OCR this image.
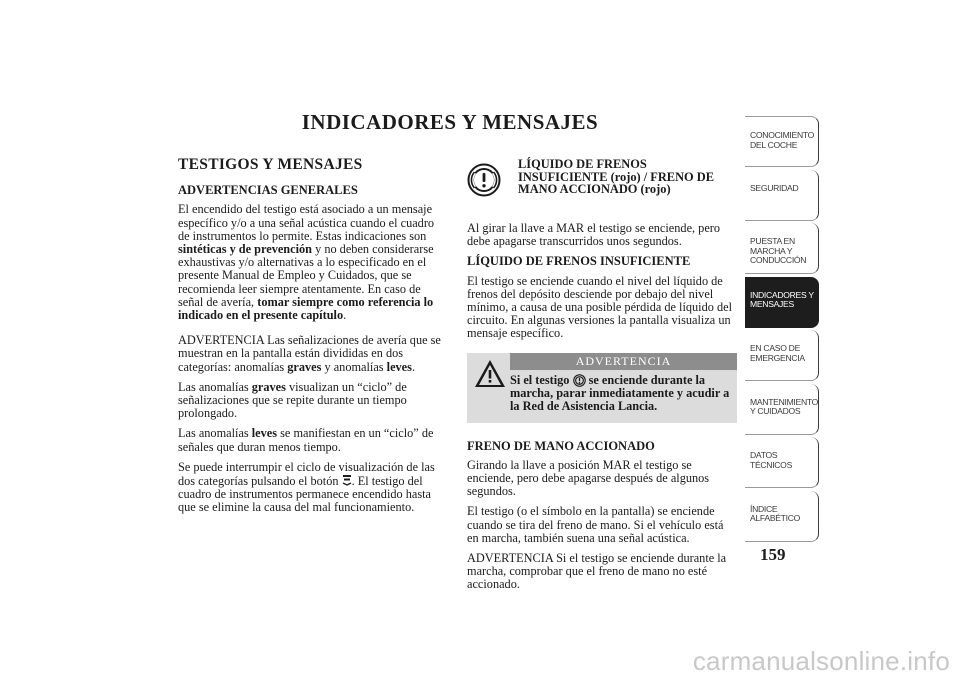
INDICADORES Y MENSAJES
TESTIGOS Y MENSAJES
ADVERTENCIAS GENERALES

El encendido del testigo está asociado a un mensaje específico y/o a una señal acústica cuando el cuadro de instrumentos lo permite. Estas indicaciones son sintéticas y de prevención y no deben considerarse exhaustivas y/o alternativas a lo especificado en el presente Manual de Empleo y Cuidados, que se recomienda leer siempre atentamente. En caso de señal de avería, tomar siempre como referencia lo indicado en el presente capítulo.

ADVERTENCIA Las señalizaciones de avería que se muestran en la pantalla están divididas en dos categorías: anomalías graves y anomalías leves.

Las anomalías graves visualizan un “ciclo” de señalizaciones que se repite durante un tiempo prolongado.

Las anomalías leves se manifiestan en un “ciclo” de señales que duran menos tiempo.

Se puede interrumpir el ciclo de visualización de las dos categorías pulsando el botón . El testigo del cuadro de instrumentos permanece encendido hasta que se elimine la causa del mal funcionamiento.

LÍQUIDO DE FRENOS INSUFICIENTE (rojo) / FRENO DE MANO ACCIONADO (rojo)

Al girar la llave a MAR el testigo se enciende, pero debe apagarse transcurridos unos segundos.

LÍQUIDO DE FRENOS INSUFICIENTE

El testigo se enciende cuando el nivel del líquido de frenos del depósito desciende por debajo del nivel mínimo, a causa de una posible pérdida de líquido del circuito. En algunas versiones la pantalla visualiza un mensaje específico.

ADVERTENCIA
Si el testigo  se enciende durante la marcha, parar inmediatamente y acudir a la Red de Asistencia Lancia.
FRENO DE MANO ACCIONADO

Girando la llave a posición MAR el testigo se enciende, pero debe apagarse después de algunos segundos.

El testigo (o el símbolo en la pantalla) se enciende cuando se tira del freno de mano. Si el vehículo está en marcha, también suena una señal acústica.

ADVERTENCIA Si el testigo se enciende durante la marcha, comprobar que el freno de mano no esté accionado.

CONOCIMIENTO DEL COCHE
SEGURIDAD
PUESTA EN MARCHA Y CONDUCCIÓN
INDICADORES Y MENSAJES
EN CASO DE EMERGENCIA
MANTENIMIENTO Y CUIDADOS
DATOS TÉCNICOS
ÍNDICE ALFABÉTICO
159
carmanualsonline.info
